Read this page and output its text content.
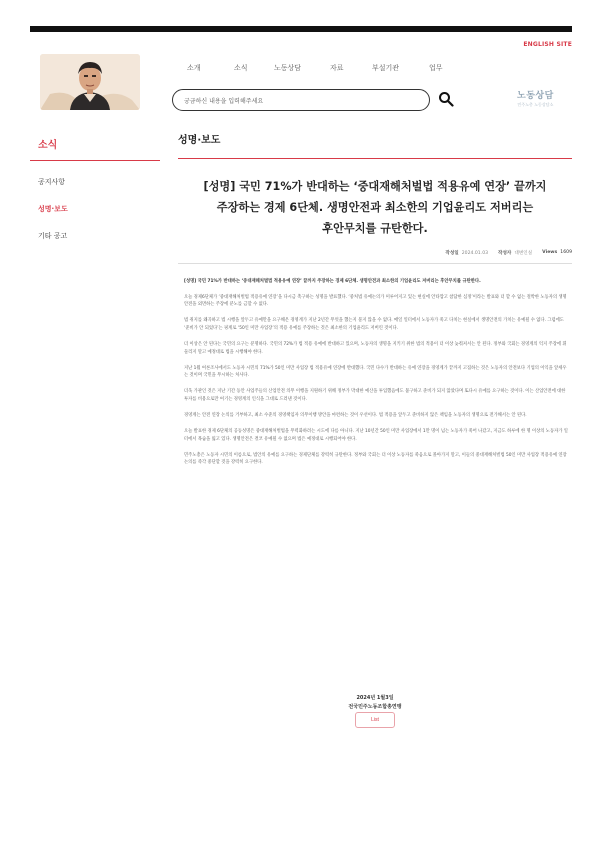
ENGLISH SITE
소개	소식	노동상담	자료	부설기관	업무
궁금하신 내용을 입력해주세요	노동상담
민주노총 노동상담소
소식
공지사항
성명·보도
기타 공고
성명·보도
[성명] 국민 71%가 반대하는 ‘중대재해처벌법 적용유예 연장’ 끝까지
주장하는 경제 6단체. 생명안전과 최소한의 기업윤리도 저버리는
후안무치를 규탄한다.
작성일 2024.01.03 작성자 대변인실 Views 1609

[성명] 국민 71%가 반대하는 ‘중대재해처벌법 적용유예 연장’ 끝까지 주장하는 경제 6단체. 생명안전과 최소한의 기업윤리도 저버리는 후안무치를 규탄한다.

오늘 경제6단체가 ‘중대재해처벌법 적용유예 연장’을 다시금 촉구하는 성명을 발표했다. ‘중처법 유예논의가 미루어지고 있는 현실에 안타깝고 참담한 심정’이라는 발표와 더 할 수 없는 절박한 노동자의 생명안전을 외면하는 주장에 분노를 금할 수 없다.

법 취지를 왜곡하고 법 시행을 앞두고 유예만을 요구해온 경영계가 지난 2년간 무엇을 했는지 묻지 않을 수 없다. 매일 일터에서 노동자가 죽고 다치는 현실에서 생명안전의 가치는 유예될 수 없다. 그럼에도 ‘준비가 안 되었다’는 핑계로 ‘50인 미만 사업장’의 적용 유예를 주장하는 것은 최소한의 기업윤리도 저버린 것이다.

더 이상은 안 된다는 국민의 요구는 분명하다. 국민의 72%가 법 적용 유예에 반대하고 있으며, 노동자의 생명을 지키기 위한 법의 적용이 더 이상 늦춰져서는 안 된다. 정부와 국회는 경영계의 억지 주장에 휘둘리지 말고 예정대로 법을 시행해야 한다.

지난 1월 여론조사에서도 노동자 시민의 71%가 50인 미만 사업장 법 적용유예 연장에 반대했다. 국민 다수가 반대하는 유예 연장을 경영계가 끝까지 고집하는 것은 노동자의 안전보다 기업의 이익을 앞세우는 것이며 국민을 무시하는 처사다.

더욱 가관인 것은 지난 기간 동안 사업주들의 산업안전 의무 이행을 지원하기 위해 정부가 막대한 예산을 투입했음에도 불구하고 준비가 되지 않았다며 또다시 유예를 요구하는 것이다. 이는 산업안전에 대한 투자를 비용으로만 여기는 경영계의 인식을 그대로 드러낸 것이다.

경영계는 안전 연장 논의를 거부하고, 최소 수준의 경영책임자 의무이행 방안을 마련하는 것이 우선이다. 법 적용을 앞두고 준비하지 않은 책임을 노동자의 생명으로 전가해서는 안 된다.

오늘 발표한 경제 6단체의 공동성명은 중대재해처벌법을 무력화하려는 시도에 다름 아니다. 지난 10년간 50인 미만 사업장에서 1만 명이 넘는 노동자가 죽어 나갔고, 지금도 하루에 한 명 이상의 노동자가 일터에서 목숨을 잃고 있다. 생명안전은 결코 유예될 수 없으며 법은 예정대로 시행되어야 한다.

민주노총은 노동자 시민의 이름으로, 법안의 유예를 요구하는 경제단체를 강력히 규탄한다. 정부와 국회는 더 이상 노동자를 죽음으로 몰아가지 말고, 이들의 중대재해처벌법 50인 미만 사업장 적용유예 연장 논의를 즉각 중단할 것을 강력히 요구한다.

2024년 1월3일
전국민주노동조합총연맹
List
